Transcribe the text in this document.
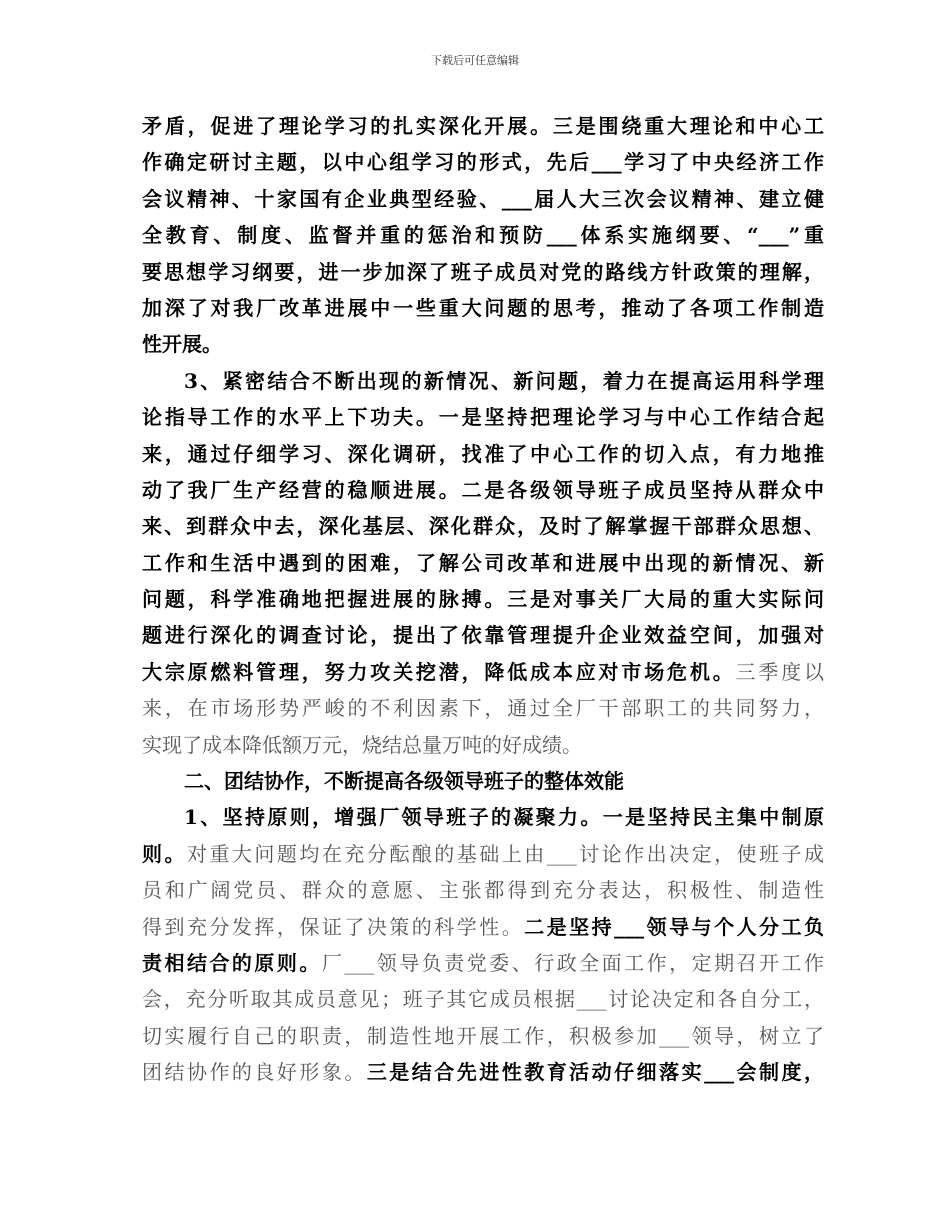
下载后可任意编辑
矛盾，促进了理论学习的扎实深化开展。三是围绕重大理论和中心工
作确定研讨主题，以中心组学习的形式，先后___学习了中央经济工作
会议精神、十家国有企业典型经验、___届人大三次会议精神、建立健
全教育、制度、监督并重的惩治和预防___体系实施纲要、“___”重
要思想学习纲要，进一步加深了班子成员对党的路线方针政策的理解，
加深了对我厂改革进展中一些重大问题的思考，推动了各项工作制造
性开展。
3、紧密结合不断出现的新情况、新问题，着力在提高运用科学理
论指导工作的水平上下功夫。一是坚持把理论学习与中心工作结合起
来，通过仔细学习、深化调研，找准了中心工作的切入点，有力地推
动了我厂生产经营的稳顺进展。二是各级领导班子成员坚持从群众中
来、到群众中去，深化基层、深化群众，及时了解掌握干部群众思想、
工作和生活中遇到的困难，了解公司改革和进展中出现的新情况、新
问题，科学准确地把握进展的脉搏。三是对事关厂大局的重大实际问
题进行深化的调查讨论，提出了依靠管理提升企业效益空间，加强对
大宗原燃料管理，努力攻关挖潜，降低成本应对市场危机。三季度以
来，在市场形势严峻的不利因素下，通过全厂干部职工的共同努力，
实现了成本降低额万元，烧结总量万吨的好成绩。
二、团结协作，不断提高各级领导班子的整体效能
1、坚持原则，增强厂领导班子的凝聚力。一是坚持民主集中制原
则。对重大问题均在充分酝酿的基础上由___讨论作出决定，使班子成
员和广阔党员、群众的意愿、主张都得到充分表达，积极性、制造性
得到充分发挥，保证了决策的科学性。二是坚持___领导与个人分工负
责相结合的原则。厂___领导负责党委、行政全面工作，定期召开工作
会，充分听取其成员意见；班子其它成员根据___讨论决定和各自分工，
切实履行自己的职责，制造性地开展工作，积极参加___领导，树立了
团结协作的良好形象。三是结合先进性教育活动仔细落实___会制度，
